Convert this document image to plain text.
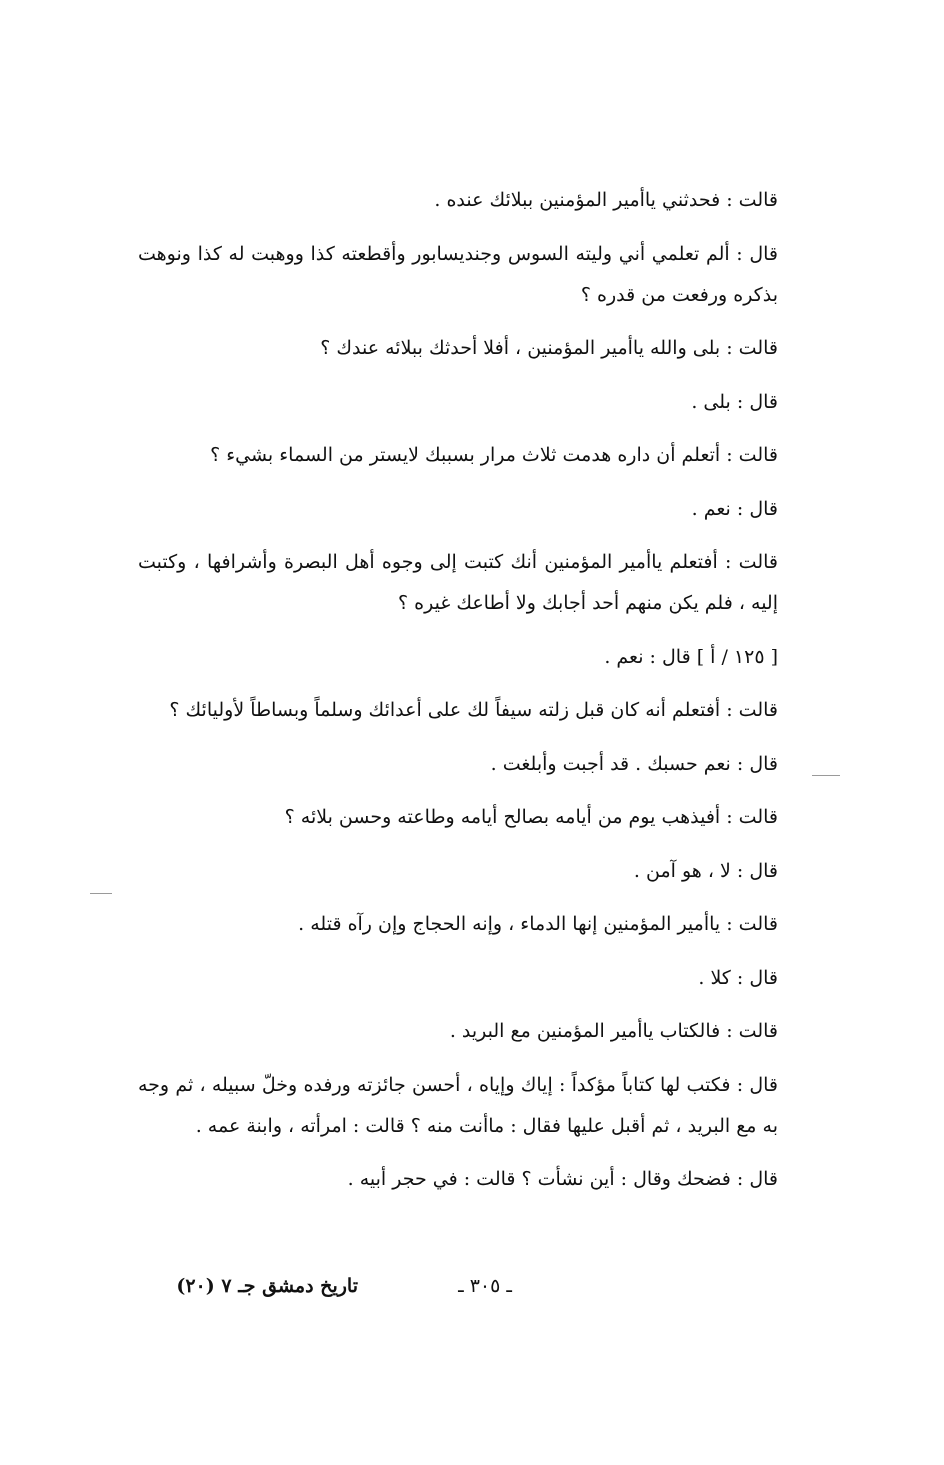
قالت : فحدثني ياأمير المؤمنين ببلائك عنده .

قال : ألم تعلمي أني وليته السوس وجنديسابور وأقطعته كذا ووهبت له كذا ونوهت بذكره ورفعت من قدره ؟

قالت : بلى والله ياأمير المؤمنين ، أفلا أحدثك ببلائه عندك ؟

قال : بلى .

قالت : أتعلم أن داره هدمت ثلاث مرار بسببك لايستر من السماء بشيء ؟

قال : نعم .

قالت : أفتعلم ياأمير المؤمنين أنك كتبت إلى وجوه أهل البصرة وأشرافها ، وكتبت إليه ، فلم يكن منهم أحد أجابك ولا أطاعك غيره ؟

[ ١٢٥ / أ ] قال : نعم .

قالت : أفتعلم أنه كان قبل زلته سيفاً لك على أعدائك وسلماً وبساطاً لأوليائك ؟

قال : نعم حسبك . قد أجبت وأبلغت .

قالت : أفيذهب يوم من أيامه بصالح أيامه وطاعته وحسن بلائه ؟

قال : لا ، هو آمن .

قالت : ياأمير المؤمنين إنها الدماء ، وإنه الحجاج وإن رآه قتله .

قال : كلا .

قالت : فالكتاب ياأمير المؤمنين مع البريد .

قال : فكتب لها كتاباً مؤكداً : إياك وإياه ، أحسن جائزته ورفده وخلّ سبيله ، ثم وجه به مع البريد ، ثم أقبل عليها فقال : ماأنت منه ؟ قالت : امرأته ، وابنة عمه .

قال : فضحك وقال : أين نشأت ؟ قالت : في حجر أبيه .

ـ ٣٠٥ ـ
تاريخ دمشق جـ ٧ (٢٠)
